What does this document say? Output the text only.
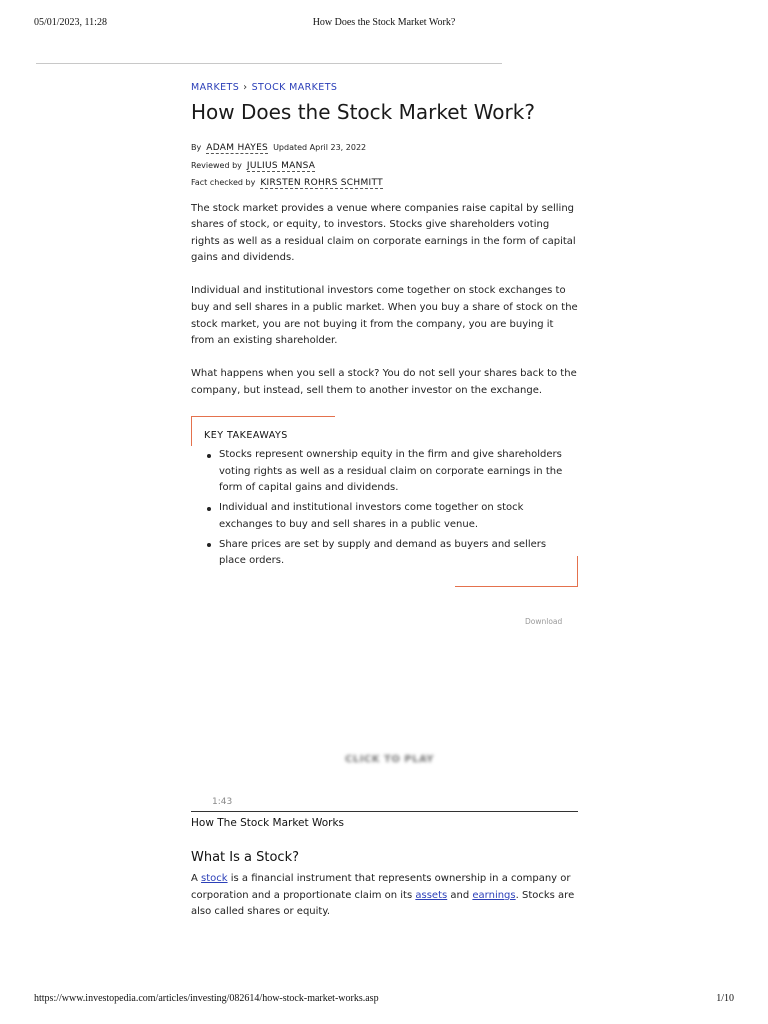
05/01/2023, 11:28	How Does the Stock Market Work?
MARKETS › STOCK MARKETS
How Does the Stock Market Work?
By ADAM HAYES Updated April 23, 2022
Reviewed by JULIUS MANSA
Fact checked by KIRSTEN ROHRS SCHMITT

The stock market provides a venue where companies raise capital by selling shares of stock, or equity, to investors. Stocks give shareholders voting rights as well as a residual claim on corporate earnings in the form of capital gains and dividends.

Individual and institutional investors come together on stock exchanges to buy and sell shares in a public market. When you buy a share of stock on the stock market, you are not buying it from the company, you are buying it from an existing shareholder.

What happens when you sell a stock? You do not sell your shares back to the company, but instead, sell them to another investor on the exchange.

KEY TAKEAWAYS
Stocks represent ownership equity in the firm and give shareholders voting rights as well as a residual claim on corporate earnings in the form of capital gains and dividends.
Individual and institutional investors come together on stock exchanges to buy and sell shares in a public venue.
Share prices are set by supply and demand as buyers and sellers place orders.
Download
CLICK TO PLAY
1:43
How The Stock Market Works
What Is a Stock?

A stock is a financial instrument that represents ownership in a company or corporation and a proportionate claim on its assets and earnings. Stocks are also called shares or equity.

https://www.investopedia.com/articles/investing/082614/how-stock-market-works.asp	1/10
